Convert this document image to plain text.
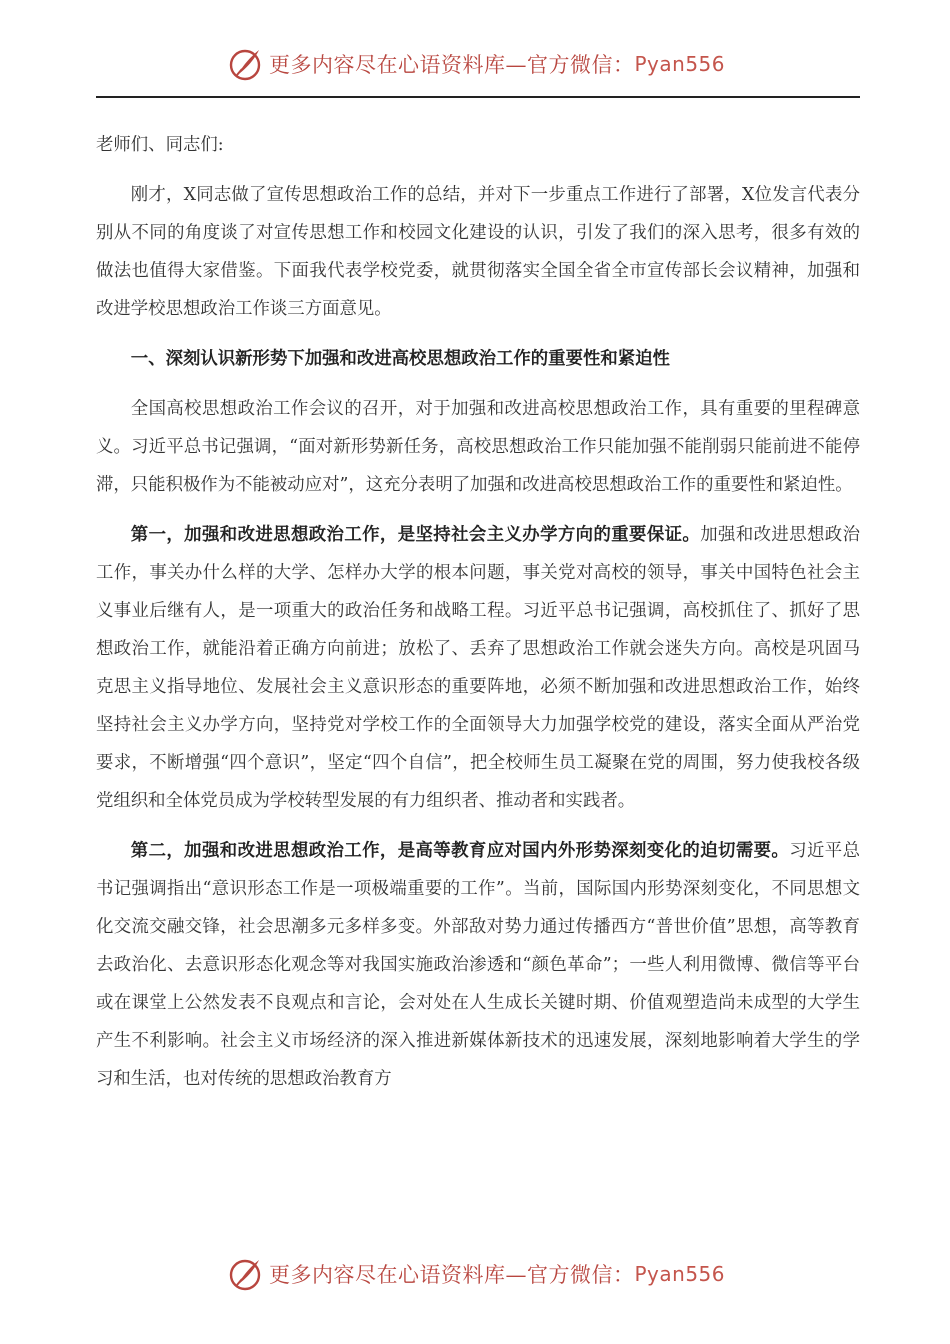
更多内容尽在心语资料库—官方微信： Pyan556

老师们、同志们:

刚才，X同志做了宣传思想政治工作的总结，并对下一步重点工作进行了部署，X位发言代表分别从不同的角度谈了对宣传思想工作和校园文化建设的认识，引发了我们的深入思考，很多有效的做法也值得大家借鉴。下面我代表学校党委，就贯彻落实全国全省全市宣传部长会议精神，加强和改进学校思想政治工作谈三方面意见。

一、深刻认识新形势下加强和改进高校思想政治工作的重要性和紧迫性

全国高校思想政治工作会议的召开，对于加强和改进高校思想政治工作，具有重要的里程碑意义。习近平总书记强调，“面对新形势新任务，高校思想政治工作只能加强不能削弱只能前进不能停滞，只能积极作为不能被动应对”，这充分表明了加强和改进高校思想政治工作的重要性和紧迫性。

第一，加强和改进思想政治工作，是坚持社会主义办学方向的重要保证。加强和改进思想政治工作，事关办什么样的大学、怎样办大学的根本问题，事关党对高校的领导，事关中国特色社会主义事业后继有人，是一项重大的政治任务和战略工程。习近平总书记强调，高校抓住了、抓好了思想政治工作，就能沿着正确方向前进；放松了、丢弃了思想政治工作就会迷失方向。高校是巩固马克思主义指导地位、发展社会主义意识形态的重要阵地，必须不断加强和改进思想政治工作，始终坚持社会主义办学方向，坚持党对学校工作的全面领导大力加强学校党的建设，落实全面从严治党要求，不断增强“四个意识”，坚定“四个自信”，把全校师生员工凝聚在党的周围，努力使我校各级党组织和全体党员成为学校转型发展的有力组织者、推动者和实践者。

第二，加强和改进思想政治工作，是高等教育应对国内外形势深刻变化的迫切需要。习近平总书记强调指出“意识形态工作是一项极端重要的工作”。当前，国际国内形势深刻变化，不同思想文化交流交融交锋，社会思潮多元多样多变。外部敌对势力通过传播西方“普世价值”思想，高等教育去政治化、去意识形态化观念等对我国实施政治渗透和“颜色革命”；一些人利用微博、微信等平台或在课堂上公然发表不良观点和言论，会对处在人生成长关键时期、价值观塑造尚未成型的大学生产生不利影响。社会主义市场经济的深入推进新媒体新技术的迅速发展，深刻地影响着大学生的学习和生活，也对传统的思想政治教育方

更多内容尽在心语资料库—官方微信： Pyan556
